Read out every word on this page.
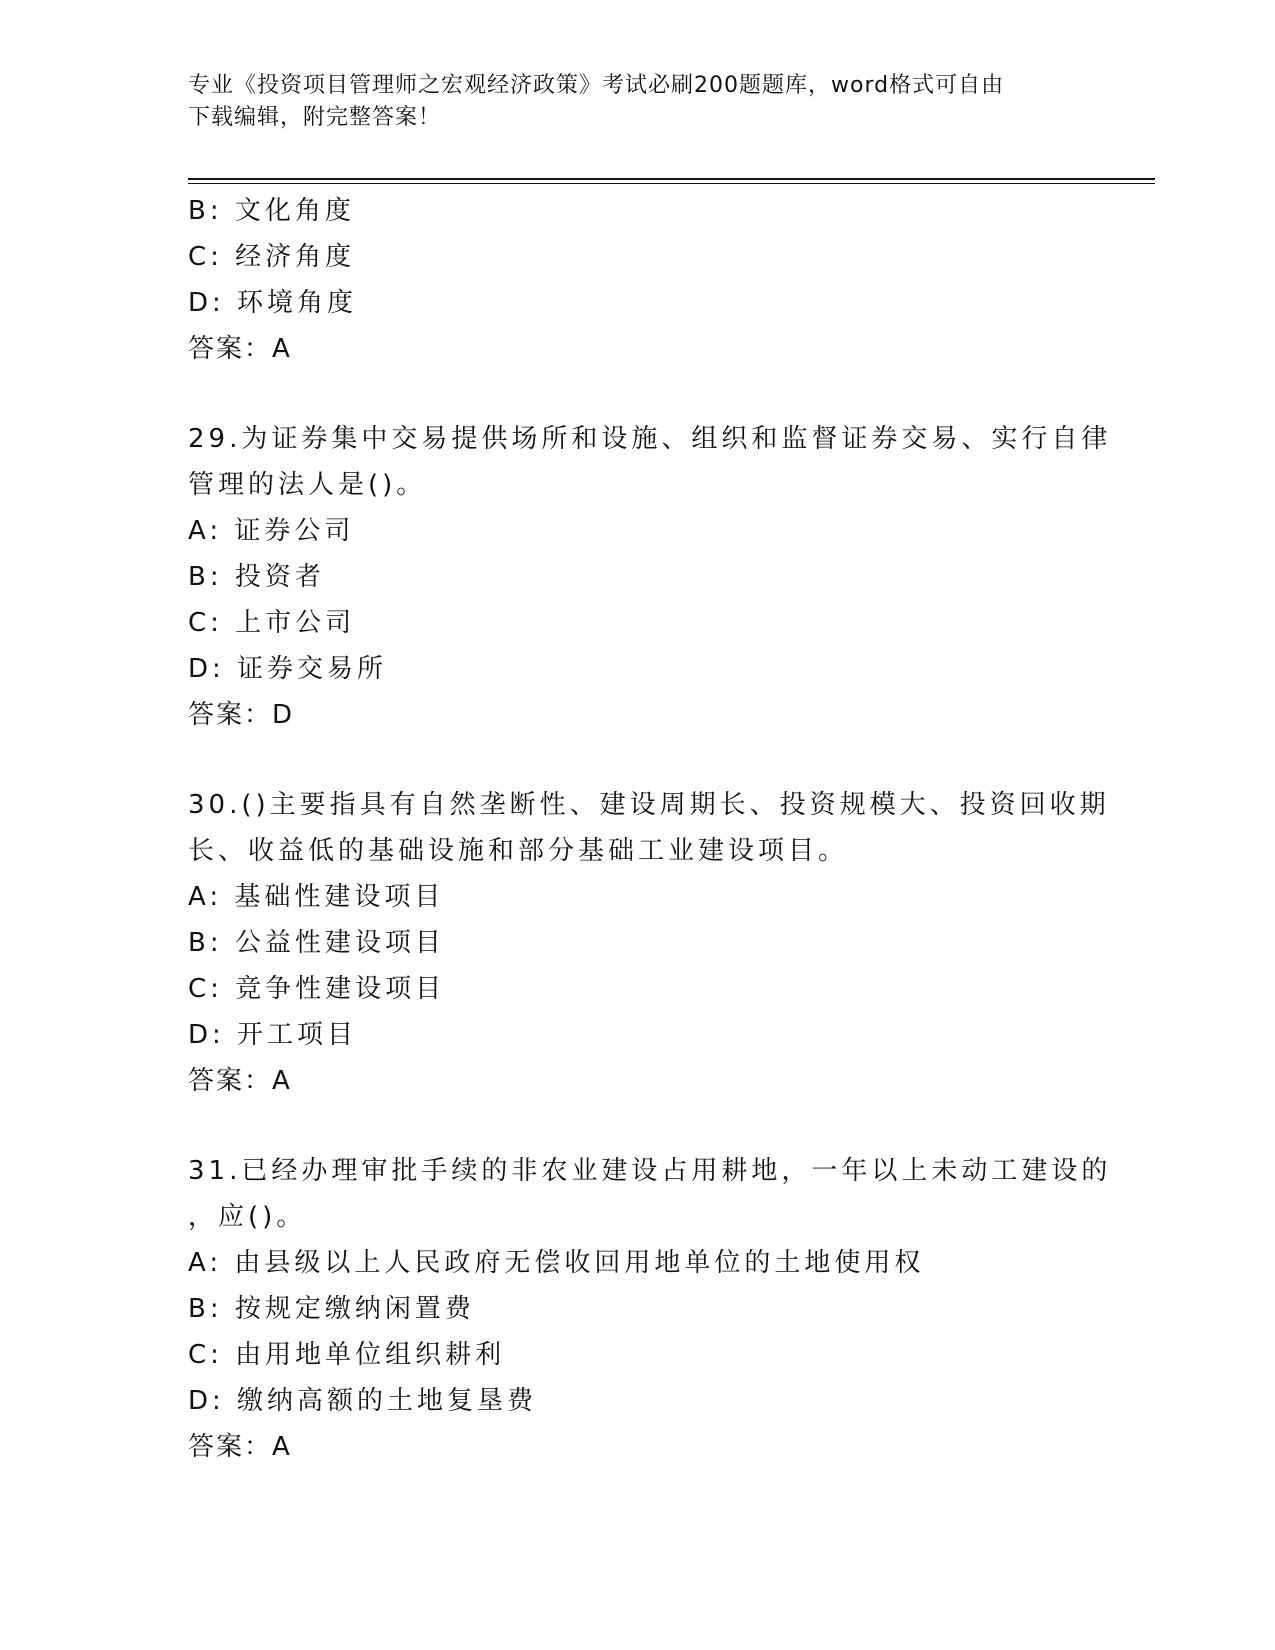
专业《投资项目管理师之宏观经济政策》考试必刷200题题库，word格式可自由
下载编辑，附完整答案！
B: 文化角度
C: 经济角度
D: 环境角度
答案：A
29.为证券集中交易提供场所和设施、组织和监督证券交易、实行自律
管理的法人是()。
A: 证券公司
B: 投资者
C: 上市公司
D: 证券交易所
答案：D
30.()主要指具有自然垄断性、建设周期长、投资规模大、投资回收期
长、收益低的基础设施和部分基础工业建设项目。
A: 基础性建设项目
B: 公益性建设项目
C: 竞争性建设项目
D: 开工项目
答案：A
31.已经办理审批手续的非农业建设占用耕地，一年以上未动工建设的
，应()。
A: 由县级以上人民政府无偿收回用地单位的土地使用权
B: 按规定缴纳闲置费
C: 由用地单位组织耕利
D: 缴纳高额的土地复垦费
答案：A
